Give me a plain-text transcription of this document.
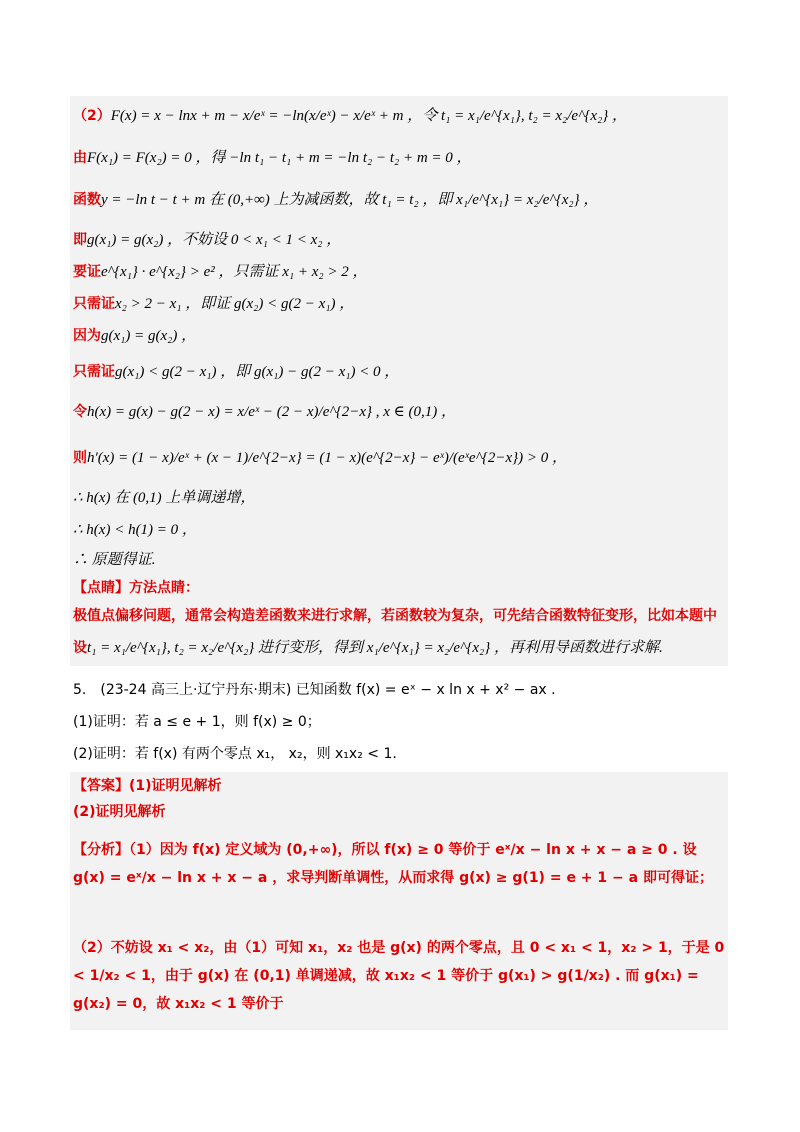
（2）F(x) = x − lnx + m − x/eˣ = −ln(x/eˣ) − x/eˣ + m ，令 t₁ = x₁/e^{x₁}, t₂ = x₂/e^{x₂} ，
由F(x₁) = F(x₂) = 0 ，得 −ln t₁ − t₁ + m = −ln t₂ − t₂ + m = 0 ，
函数y = −ln t − t + m 在 (0,+∞) 上为减函数，故 t₁ = t₂ ，即 x₁/e^{x₁} = x₂/e^{x₂} ，
即g(x₁) = g(x₂) ，不妨设 0 < x₁ < 1 < x₂ ，
要证e^{x₁} · e^{x₂} > e² ，只需证 x₁ + x₂ > 2 ，
只需证x₂ > 2 − x₁ ，即证 g(x₂) < g(2 − x₁) ，
因为g(x₁) = g(x₂) ，
只需证g(x₁) < g(2 − x₁) ，即 g(x₁) − g(2 − x₁) < 0 ，
令h(x) = g(x) − g(2 − x) = x/eˣ − (2 − x)/e^{2−x} , x ∈ (0,1) ，
则h′(x) = (1 − x)/eˣ + (x − 1)/e^{2−x} = (1 − x)(e^{2−x} − eˣ)/(eˣe^{2−x}) > 0 ，
∴ h(x) 在 (0,1) 上单调递增，
∴ h(x) < h(1) = 0 ，
∴ 原题得证.
【点睛】方法点睛：
极值点偏移问题，通常会构造差函数来进行求解，若函数较为复杂，可先结合函数特征变形，比如本题中
设t₁ = x₁/e^{x₁}, t₂ = x₂/e^{x₂} 进行变形，得到 x₁/e^{x₁} = x₂/e^{x₂} ，再利用导函数进行求解.
5.　(23-24 高三上·辽宁丹东·期末) 已知函数 f(x) = eˣ − x ln x + x² − ax .
(1)证明：若 a ≤ e + 1，则 f(x) ≥ 0；
(2)证明：若 f(x) 有两个零点 x₁， x₂，则 x₁x₂ < 1.
【答案】(1)证明见解析
(2)证明见解析
【分析】（1）因为 f(x) 定义域为 (0,+∞)，所以 f(x) ≥ 0 等价于 eˣ/x − ln x + x − a ≥ 0 . 设 g(x) = eˣ/x − ln x + x − a ，求导判断单调性，从而求得 g(x) ≥ g(1) = e + 1 − a 即可得证；
（2）不妨设 x₁ < x₂，由（1）可知 x₁，x₂ 也是 g(x) 的两个零点，且 0 < x₁ < 1，x₂ > 1，于是 0 < 1/x₂ < 1，由于 g(x) 在 (0,1) 单调递减，故 x₁x₂ < 1 等价于 g(x₁) > g(1/x₂) . 而 g(x₁) = g(x₂) = 0，故 x₁x₂ < 1 等价于
